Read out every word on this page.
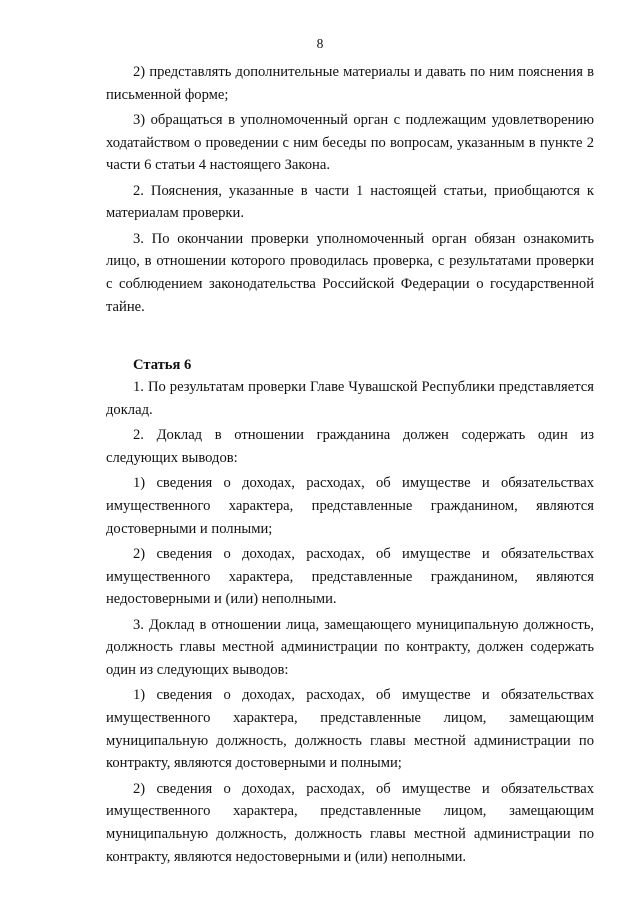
8

2) представлять дополнительные материалы и давать по ним пояснения в письменной форме;

3) обращаться в уполномоченный орган с подлежащим удовлетворению ходатайством о проведении с ним беседы по вопросам, указанным в пункте 2 части 6 статьи 4 настоящего Закона.

2. Пояснения, указанные в части 1 настоящей статьи, приобщаются к материалам проверки.

3. По окончании проверки уполномоченный орган обязан ознакомить лицо, в отношении которого проводилась проверка, с результатами проверки с соблюдением законодательства Российской Федерации о государственной тайне.

Статья 6

1. По результатам проверки Главе Чувашской Республики представляется доклад.

2. Доклад в отношении гражданина должен содержать один из следующих выводов:

1) сведения о доходах, расходах, об имуществе и обязательствах имущественного характера, представленные гражданином, являются достоверными и полными;

2) сведения о доходах, расходах, об имуществе и обязательствах имущественного характера, представленные гражданином, являются недостоверными и (или) неполными.

3. Доклад в отношении лица, замещающего муниципальную должность, должность главы местной администрации по контракту, должен содержать один из следующих выводов:

1) сведения о доходах, расходах, об имуществе и обязательствах имущественного характера, представленные лицом, замещающим муниципальную должность, должность главы местной администрации по контракту, являются достоверными и полными;

2) сведения о доходах, расходах, об имуществе и обязательствах имущественного характера, представленные лицом, замещающим муниципальную должность, должность главы местной администрации по контракту, являются недостоверными и (или) неполными.
